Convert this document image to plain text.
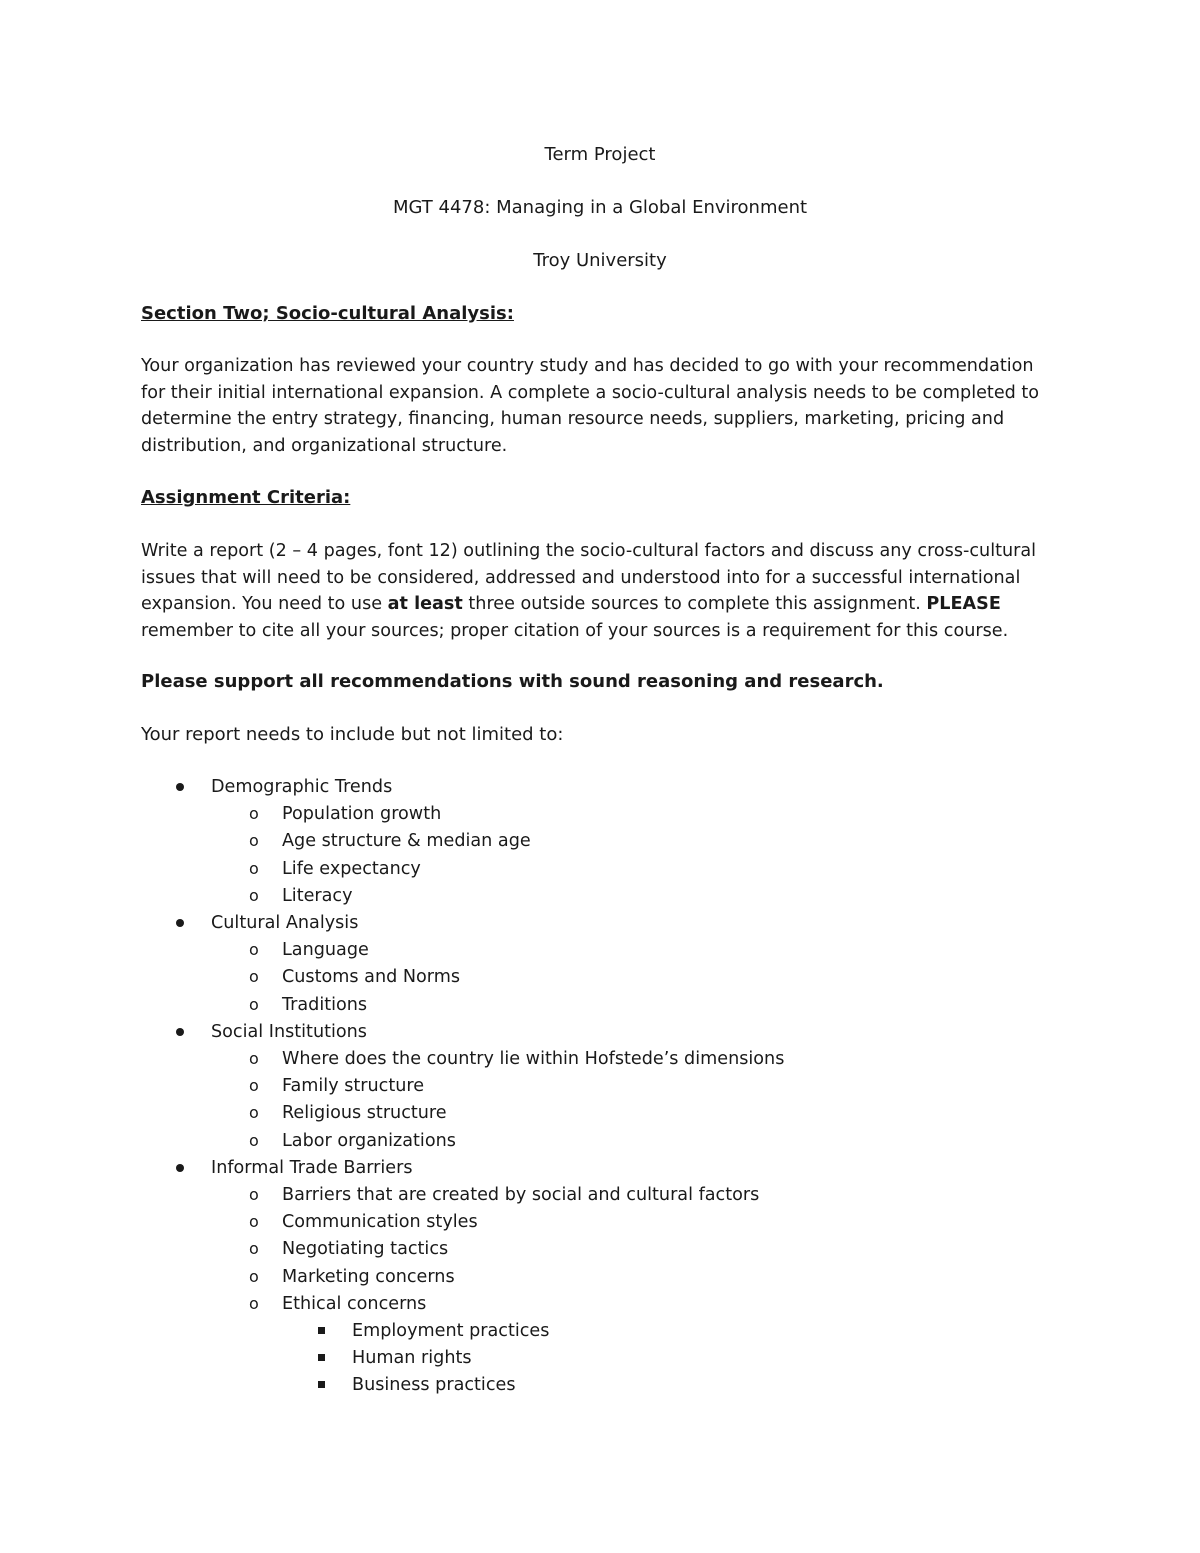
Term Project
MGT 4478: Managing in a Global Environment
Troy University
Section Two; Socio-cultural Analysis:
Your organization has reviewed your country study and has decided to go with your recommendation
for their initial international expansion. A complete a socio-cultural analysis needs to be completed to
determine the entry strategy, financing, human resource needs, suppliers, marketing, pricing and
distribution, and organizational structure.
Assignment Criteria:
Write a report (2 – 4 pages, font 12) outlining the socio-cultural factors and discuss any cross-cultural
issues that will need to be considered, addressed and understood into for a successful international
expansion. You need to use at least three outside sources to complete this assignment. PLEASE
remember to cite all your sources; proper citation of your sources is a requirement for this course.
Please support all recommendations with sound reasoning and research.
Your report needs to include but not limited to:
Demographic Trends
o Population growth
o Age structure & median age
o Life expectancy
o Literacy
Cultural Analysis
o Language
o Customs and Norms
o Traditions
Social Institutions
o Where does the country lie within Hofstede’s dimensions
o Family structure
o Religious structure
o Labor organizations
Informal Trade Barriers
o Barriers that are created by social and cultural factors
o Communication styles
o Negotiating tactics
o Marketing concerns
o Ethical concerns
Employment practices
Human rights
Business practices
